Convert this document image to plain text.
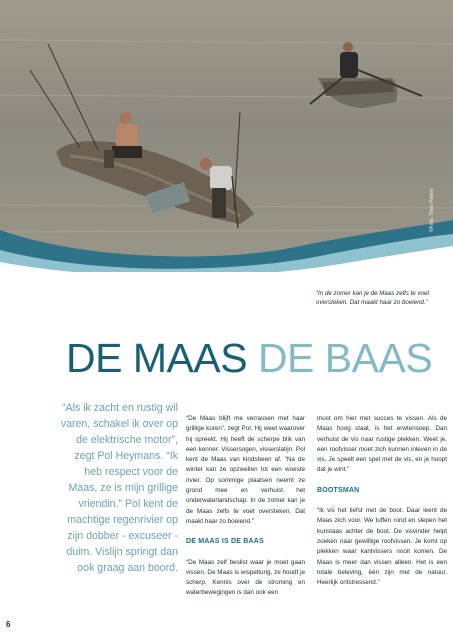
©Foto: Theo Peters
“In de zomer kan je de Maas zelfs te voet oversteken. Dat maakt haar zo boeiend.”
DE MAAS DE BAAS
“Als ik zacht en rustig wil varen, schakel ik over op de elektrische motor”, zegt Pol Heymans. “Ik heb respect voor de Maas, ze is mijn grillige vriendin.” Pol kent de machtige regenrivier op zijn dobber - excuseer - duim. Vislijn springt dan ook graag aan boord.

“De Maas blijft me verrassen met haar grillige kuren”, zegt Pol. Hij weet waarover hij spreekt. Hij heeft de scherpe blik van een kenner. Vissersogen, visserslatijn. Pol kent de Maas van kindsbeen af. “Na de winter kan ze opzwellen tot een woeste rivier. Op sommige plaatsen neemt ze grond mee en verhuist het onderwaterlandschap. In de zomer kan je de Maas zelfs te voet oversteken. Dat maakt haar zo boeiend.”

DE MAAS IS DE BAAS

“De Maas zelf beslist waar je moet gaan vissen. De Maas is wispelturig, ze houdt je scherp. Kennis over de stroming en waterbewegingen is dan ook een

must om hier met succes te vissen. Als de Maas hoog staat, is het erwtensoep. Dan verhuist de vis naar rustige plekken. Weet je, een roofvisser moet zich kunnen inleven in de vis. Je speelt een spel met de vis, en je hoopt dat je wint.”

BOOTSMAN

“Ik vis het liefst met de boot. Daar leent de Maas zich voor. We tuffen rond en slepen het kunstaas achter de boot. De visvinder helpt zoeken naar gewillige roofvissen. Je komt op plekken waar kantvissers nooit komen. De Maas is meer dan vissen alleen. Het is een totale beleving, één zijn met de natuur. Heerlijk ontstressend.”

6
